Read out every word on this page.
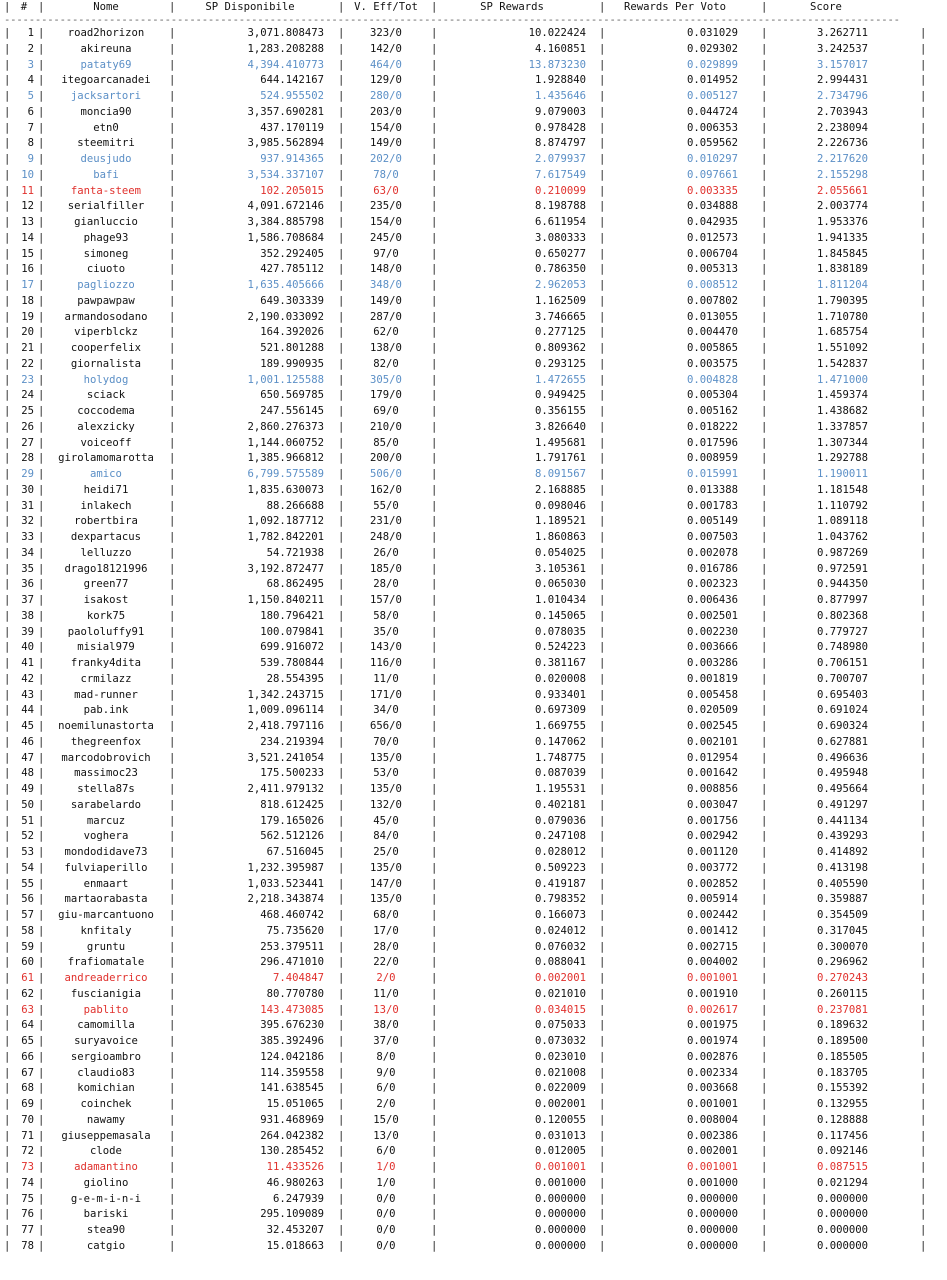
| #	|	Nome	|	SP Disponibile	| V. Eff/Tot	|	SP Rewards	|	Rewards Per Voto	|	Score
-------------------------------------------------------------------------------------------------------------------------------------------------
|	|	|	|	|	|	|	|
1	road2horizon	3,071.808473	323/0	10.022424	0.031029	3.262711
|	|	|	|	|	|	|	|
2	akireuna	1,283.208288	142/0	4.160851	0.029302	3.242537
|	|	|	|	|	|	|	|
3	pataty69	4,394.410773	464/0	13.873230	0.029899	3.157017
|	|	|	|	|	|	|	|
4	itegoarcanadei	644.142167	129/0	1.928840	0.014952	2.994431
|	|	|	|	|	|	|	|
5	jacksartori	524.955502	280/0	1.435646	0.005127	2.734796
|	|	|	|	|	|	|	|
6	moncia90	3,357.690281	203/0	9.079003	0.044724	2.703943
|	|	|	|	|	|	|	|
7	etn0	437.170119	154/0	0.978428	0.006353	2.238094
|	|	|	|	|	|	|	|
8	steemitri	3,985.562894	149/0	8.874797	0.059562	2.226736
|	|	|	|	|	|	|	|
9	deusjudo	937.914365	202/0	2.079937	0.010297	2.217620
|	|	|	|	|	|	|	|
10	bafi	3,534.337107	78/0	7.617549	0.097661	2.155298
|	|	|	|	|	|	|	|
11	fanta-steem	102.205015	63/0	0.210099	0.003335	2.055661
|	|	|	|	|	|	|	|
12	serialfiller	4,091.672146	235/0	8.198788	0.034888	2.003774
|	|	|	|	|	|	|	|
13	gianluccio	3,384.885798	154/0	6.611954	0.042935	1.953376
|	|	|	|	|	|	|	|
14	phage93	1,586.708684	245/0	3.080333	0.012573	1.941335
|	|	|	|	|	|	|	|
15	simoneg	352.292405	97/0	0.650277	0.006704	1.845845
|	|	|	|	|	|	|	|
16	ciuoto	427.785112	148/0	0.786350	0.005313	1.838189
|	|	|	|	|	|	|	|
17	pagliozzo	1,635.405666	348/0	2.962053	0.008512	1.811204
|	|	|	|	|	|	|	|
18	pawpawpaw	649.303339	149/0	1.162509	0.007802	1.790395
|	|	|	|	|	|	|	|
19	armandosodano	2,190.033092	287/0	3.746665	0.013055	1.710780
|	|	|	|	|	|	|	|
20	viperblckz	164.392026	62/0	0.277125	0.004470	1.685754
|	|	|	|	|	|	|	|
21	cooperfelix	521.801288	138/0	0.809362	0.005865	1.551092
|	|	|	|	|	|	|	|
22	giornalista	189.990935	82/0	0.293125	0.003575	1.542837
|	|	|	|	|	|	|	|
23	holydog	1,001.125588	305/0	1.472655	0.004828	1.471000
|	|	|	|	|	|	|	|
24	sciack	650.569785	179/0	0.949425	0.005304	1.459374
|	|	|	|	|	|	|	|
25	coccodema	247.556145	69/0	0.356155	0.005162	1.438682
|	|	|	|	|	|	|	|
26	alexzicky	2,860.276373	210/0	3.826640	0.018222	1.337857
|	|	|	|	|	|	|	|
27	voiceoff	1,144.060752	85/0	1.495681	0.017596	1.307344
|	|	|	|	|	|	|	|
28	girolamomarotta	1,385.966812	200/0	1.791761	0.008959	1.292788
|	|	|	|	|	|	|	|
29	amico	6,799.575589	506/0	8.091567	0.015991	1.190011
|	|	|	|	|	|	|	|
30	heidi71	1,835.630073	162/0	2.168885	0.013388	1.181548
|	|	|	|	|	|	|	|
31	inlakech	88.266688	55/0	0.098046	0.001783	1.110792
|	|	|	|	|	|	|	|
32	robertbira	1,092.187712	231/0	1.189521	0.005149	1.089118
|	|	|	|	|	|	|	|
33	dexpartacus	1,782.842201	248/0	1.860863	0.007503	1.043762
|	|	|	|	|	|	|	|
34	lelluzzo	54.721938	26/0	0.054025	0.002078	0.987269
|	|	|	|	|	|	|	|
35	drago18121996	3,192.872477	185/0	3.105361	0.016786	0.972591
|	|	|	|	|	|	|	|
36	green77	68.862495	28/0	0.065030	0.002323	0.944350
|	|	|	|	|	|	|	|
37	isakost	1,150.840211	157/0	1.010434	0.006436	0.877997
|	|	|	|	|	|	|	|
38	kork75	180.796421	58/0	0.145065	0.002501	0.802368
|	|	|	|	|	|	|	|
39	paololuffy91	100.079841	35/0	0.078035	0.002230	0.779727
|	|	|	|	|	|	|	|
40	misial979	699.916072	143/0	0.524223	0.003666	0.748980
|	|	|	|	|	|	|	|
41	franky4dita	539.780844	116/0	0.381167	0.003286	0.706151
|	|	|	|	|	|	|	|
42	crmilazz	28.554395	11/0	0.020008	0.001819	0.700707
|	|	|	|	|	|	|	|
43	mad-runner	1,342.243715	171/0	0.933401	0.005458	0.695403
|	|	|	|	|	|	|	|
44	pab.ink	1,009.096114	34/0	0.697309	0.020509	0.691024
|	|	|	|	|	|	|	|
45	noemilunastorta	2,418.797116	656/0	1.669755	0.002545	0.690324
|	|	|	|	|	|	|	|
46	thegreenfox	234.219394	70/0	0.147062	0.002101	0.627881
|	|	|	|	|	|	|	|
47	marcodobrovich	3,521.241054	135/0	1.748775	0.012954	0.496636
|	|	|	|	|	|	|	|
48	massimoc23	175.500233	53/0	0.087039	0.001642	0.495948
|	|	|	|	|	|	|	|
49	stella87s	2,411.979132	135/0	1.195531	0.008856	0.495664
|	|	|	|	|	|	|	|
50	sarabelardo	818.612425	132/0	0.402181	0.003047	0.491297
|	|	|	|	|	|	|	|
51	marcuz	179.165026	45/0	0.079036	0.001756	0.441134
|	|	|	|	|	|	|	|
52	voghera	562.512126	84/0	0.247108	0.002942	0.439293
|	|	|	|	|	|	|	|
53	mondodidave73	67.516045	25/0	0.028012	0.001120	0.414892
|	|	|	|	|	|	|	|
54	fulviaperillo	1,232.395987	135/0	0.509223	0.003772	0.413198
|	|	|	|	|	|	|	|
55	enmaart	1,033.523441	147/0	0.419187	0.002852	0.405590
|	|	|	|	|	|	|	|
56	martaorabasta	2,218.343874	135/0	0.798352	0.005914	0.359887
|	|	|	|	|	|	|	|
57	giu-marcantuono	468.460742	68/0	0.166073	0.002442	0.354509
|	|	|	|	|	|	|	|
58	knfitaly	75.735620	17/0	0.024012	0.001412	0.317045
|	|	|	|	|	|	|	|
59	gruntu	253.379511	28/0	0.076032	0.002715	0.300070
|	|	|	|	|	|	|	|
60	frafiomatale	296.471010	22/0	0.088041	0.004002	0.296962
|	|	|	|	|	|	|	|
61	andreaderrico	7.404847	2/0	0.002001	0.001001	0.270243
|	|	|	|	|	|	|	|
62	fuscianigia	80.770780	11/0	0.021010	0.001910	0.260115
|	|	|	|	|	|	|	|
63	pablito	143.473085	13/0	0.034015	0.002617	0.237081
|	|	|	|	|	|	|	|
64	camomilla	395.676230	38/0	0.075033	0.001975	0.189632
|	|	|	|	|	|	|	|
65	suryavoice	385.392496	37/0	0.073032	0.001974	0.189500
|	|	|	|	|	|	|	|
66	sergioambro	124.042186	8/0	0.023010	0.002876	0.185505
|	|	|	|	|	|	|	|
67	claudio83	114.359558	9/0	0.021008	0.002334	0.183705
|	|	|	|	|	|	|	|
68	komichian	141.638545	6/0	0.022009	0.003668	0.155392
|	|	|	|	|	|	|	|
69	coinchek	15.051065	2/0	0.002001	0.001001	0.132955
|	|	|	|	|	|	|	|
70	nawamy	931.468969	15/0	0.120055	0.008004	0.128888
|	|	|	|	|	|	|	|
71	giuseppemasala	264.042382	13/0	0.031013	0.002386	0.117456
|	|	|	|	|	|	|	|
72	clode	130.285452	6/0	0.012005	0.002001	0.092146
|	|	|	|	|	|	|	|
73	adamantino	11.433526	1/0	0.001001	0.001001	0.087515
|	|	|	|	|	|	|	|
74	giolino	46.980263	1/0	0.001000	0.001000	0.021294
|	|	|	|	|	|	|	|
75	g-e-m-i-n-i	6.247939	0/0	0.000000	0.000000	0.000000
|	|	|	|	|	|	|	|
76	bariski	295.109089	0/0	0.000000	0.000000	0.000000
|	|	|	|	|	|	|	|
77	stea90	32.453207	0/0	0.000000	0.000000	0.000000
|	|	|	|	|	|	|	|
78	catgio	15.018663	0/0	0.000000	0.000000	0.000000
